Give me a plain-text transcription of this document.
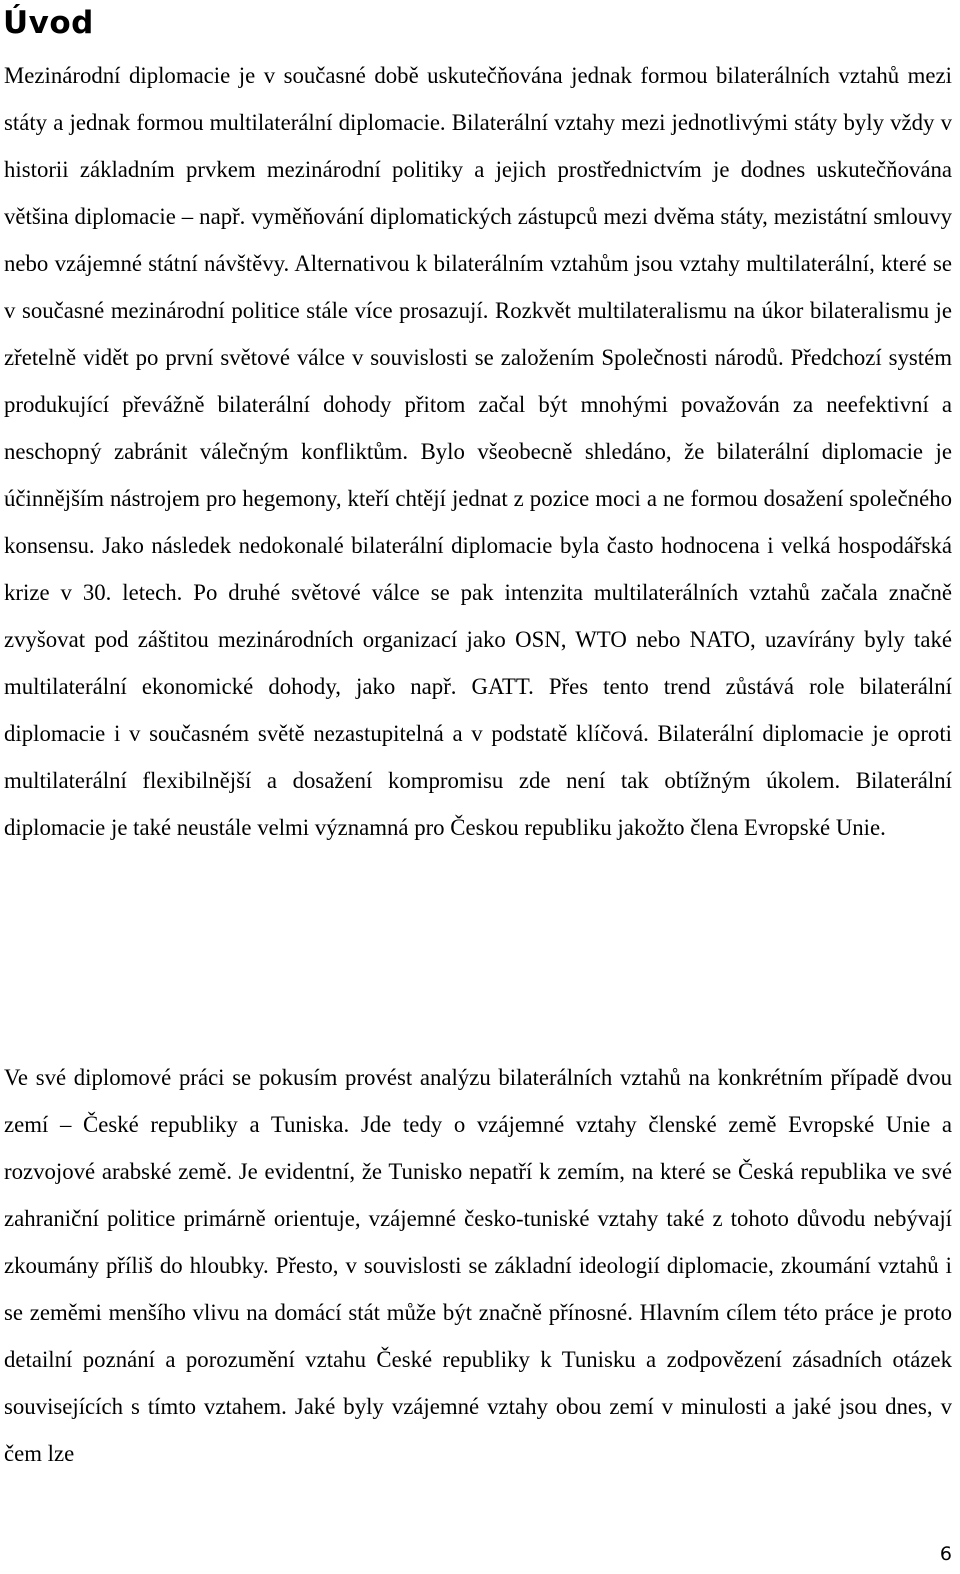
Úvod

Mezinárodní diplomacie je v současné době uskutečňována jednak formou bilaterálních vztahů mezi státy a jednak formou multilaterální diplomacie. Bilaterální vztahy mezi jednotlivými státy byly vždy v historii základním prvkem mezinárodní politiky a jejich prostřednictvím je dodnes uskutečňována většina diplomacie – např. vyměňování diplomatických zástupců mezi dvěma státy, mezistátní smlouvy nebo vzájemné státní návštěvy. Alternativou k bilaterálním vztahům jsou vztahy multilaterální, které se v současné mezinárodní politice stále více prosazují. Rozkvět multilateralismu na úkor bilateralismu je zřetelně vidět po první světové válce v souvislosti se založením Společnosti národů. Předchozí systém produkující převážně bilaterální dohody přitom začal být mnohými považován za neefektivní a neschopný zabránit válečným konfliktům. Bylo všeobecně shledáno, že bilaterální diplomacie je účinnějším nástrojem pro hegemony, kteří chtějí jednat z pozice moci a ne formou dosažení společného konsensu. Jako následek nedokonalé bilaterální diplomacie byla často hodnocena i velká hospodářská krize v 30. letech. Po druhé světové válce se pak intenzita multilaterálních vztahů začala značně zvyšovat pod záštitou mezinárodních organizací jako OSN, WTO nebo NATO, uzavírány byly také multilaterální ekonomické dohody, jako např. GATT. Přes tento trend zůstává role bilaterální diplomacie i v současném světě nezastupitelná a v podstatě klíčová. Bilaterální diplomacie je oproti multilaterální flexibilnější a dosažení kompromisu zde není tak obtížným úkolem. Bilaterální diplomacie je také neustále velmi významná pro Českou republiku jakožto člena Evropské Unie.

Ve své diplomové práci se pokusím provést analýzu bilaterálních vztahů na konkrétním případě dvou zemí – České republiky a Tuniska. Jde tedy o vzájemné vztahy členské země Evropské Unie a rozvojové arabské země. Je evidentní, že Tunisko nepatří k zemím, na které se Česká republika ve své zahraniční politice primárně orientuje, vzájemné česko-tuniské vztahy také z tohoto důvodu nebývají zkoumány příliš do hloubky. Přesto, v souvislosti se základní ideologií diplomacie, zkoumání vztahů i se zeměmi menšího vlivu na domácí stát může být značně přínosné. Hlavním cílem této práce je proto detailní poznání a porozumění vztahu České republiky k Tunisku a zodpovězení zásadních otázek souvisejících s tímto vztahem. Jaké byly vzájemné vztahy obou zemí v minulosti a jaké jsou dnes, v čem lze

6
